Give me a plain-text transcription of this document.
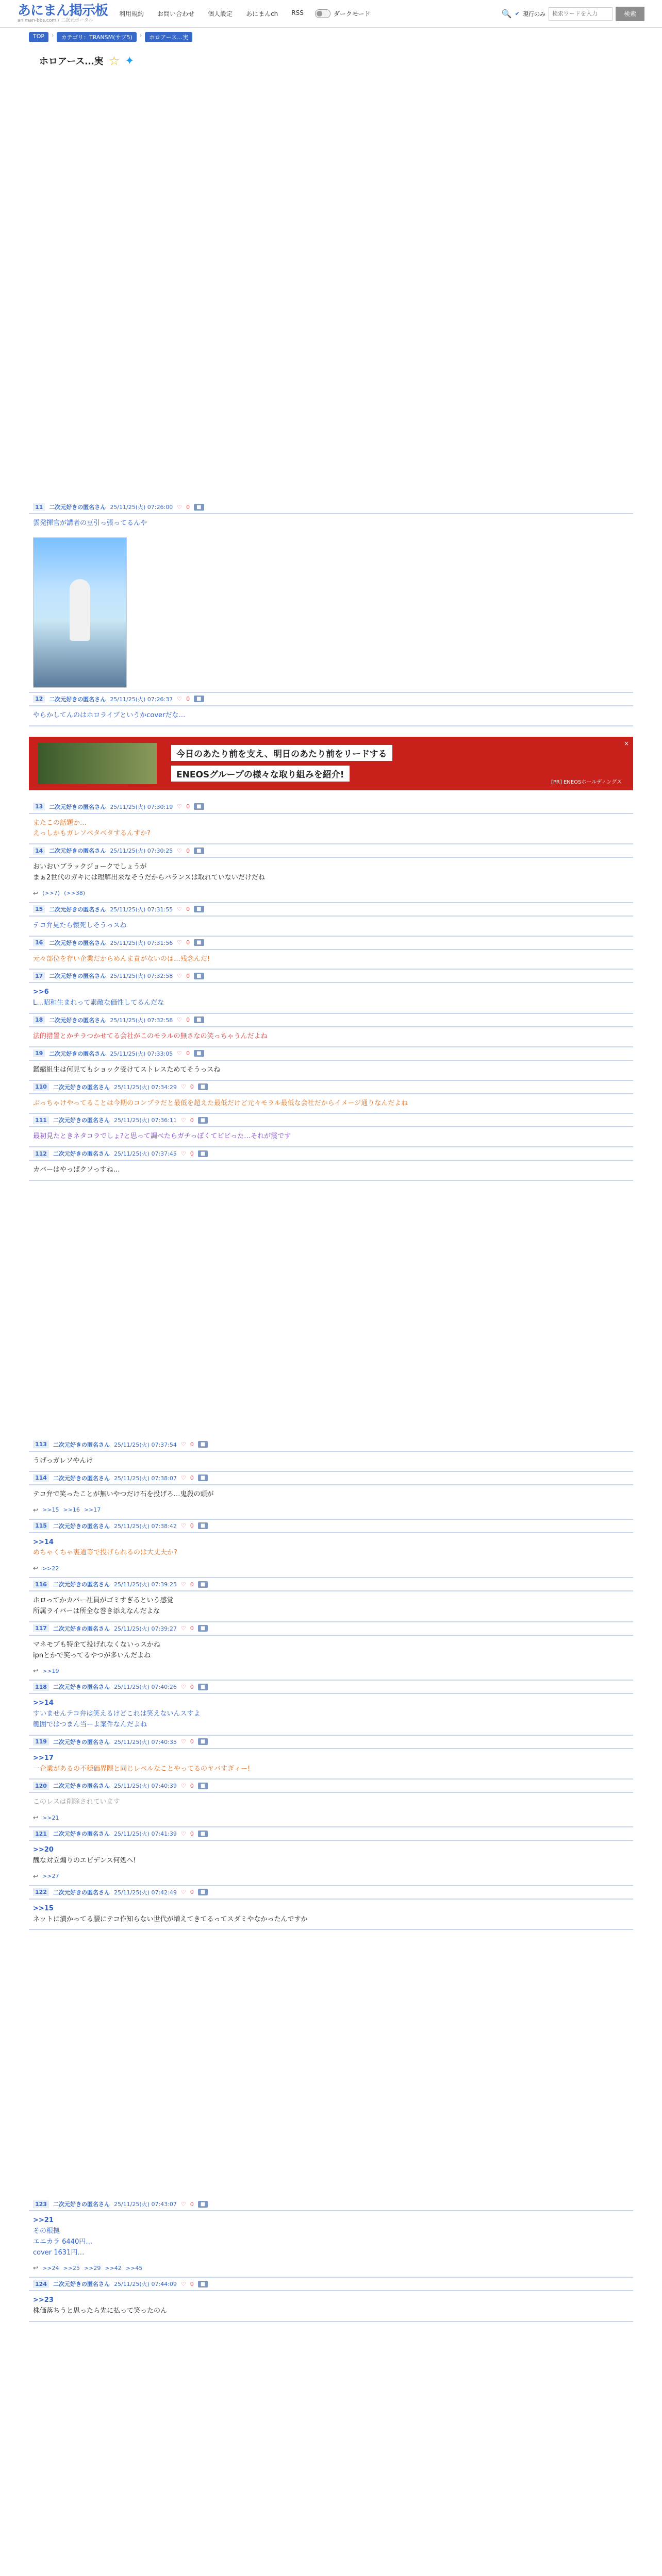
あにまん掲示板
animan-bbs.com / 二次元ポータル
利用規約 お問い合わせ 個人設定 あにまんch RSS	ダークモード	🔍 ✔ 現行のみ
検索ワードを入力	検索
TOP	›	カテゴリ：TRANSM(サブ5)	›	ホロアース…実
ホロアース…実 ☆ ✦
11	二次元好きの匿名さん 25/11/25(火) 07:26:00 ♡ 0	■
雲発揮官が講者の豆引っ張ってるんや
12	二次元好きの匿名さん 25/11/25(火) 07:26:37 ♡ 0	■
やらかしてんのはホロライブというかcoverだな…
今日のあたり前を支え、明日のあたり前をリードする
ENEOSグループの様々な取り組みを紹介!
[PR] ENEOSホールディングス
×
13	二次元好きの匿名さん 25/11/25(火) 07:30:19 ♡ 0	■
またこの話題か…
えっしかもガレソベタベタするんすか?
14	二次元好きの匿名さん 25/11/25(火) 07:30:25 ♡ 0	■
おいおいブラックジョークでしょうが
まぁ2世代のガキには理解出来なそうだからバランスは取れていないだけだね
↩ (>>7) (>>38)
15	二次元好きの匿名さん 25/11/25(火) 07:31:55 ♡ 0	■
テコ弁見たら懐死しそうっスね
16	二次元好きの匿名さん 25/11/25(火) 07:31:56 ♡ 0	■
元々部位を存い企業だからめんま責がないのは…残念んだ!
17	二次元好きの匿名さん 25/11/25(火) 07:32:58 ♡ 0	■
>>6
L…昭和生まれって素敵な価性してるんだな
18	二次元好きの匿名さん 25/11/25(火) 07:32:58 ♡ 0	■
法的措置とかチラつかせてる会社がこのモラルの無さなの笑っちゃうんだよね
19	二次元好きの匿名さん 25/11/25(火) 07:33:05 ♡ 0	■
鑑縮組生は何見てもショック受けてストレスためてそうっスね
110	二次元好きの匿名さん 25/11/25(火) 07:34:29 ♡ 0	■
ぶっちゃけやってることは今期のコンプラだと最低を超えた最低だけど元々モラル最低な会社だからイメージ通りなんだよね
111	二次元好きの匿名さん 25/11/25(火) 07:36:11 ♡ 0	■
最初見たときネタコラでしょ?と思って調べたらガチっぽくてビビった…それが震です
112	二次元好きの匿名さん 25/11/25(火) 07:37:45 ♡ 0	■
カバーはやっぱクソっすね…
113	二次元好きの匿名さん 25/11/25(火) 07:37:54 ♡ 0	■
うげっガレソやんけ
114	二次元好きの匿名さん 25/11/25(火) 07:38:07 ♡ 0	■
テコ弁で笑ったことが無いやつだけ石を投げろ…鬼殺の頭が
↩ >>15 >>16 >>17
115	二次元好きの匿名さん 25/11/25(火) 07:38:42 ♡ 0	■
>>14
めちゃくちゃ裏道等で投げられるのは大丈夫か?
↩ >>22
116	二次元好きの匿名さん 25/11/25(火) 07:39:25 ♡ 0	■
ホロってかカバー社員がゴミすぎるという感覚
所属ライバーは所全な巻き添えなんだよな
117	二次元好きの匿名さん 25/11/25(火) 07:39:27 ♡ 0	■
マネモブも特企て投げれなくないっスかね
ipnとかで笑ってるやつが多いんだよね
↩ >>19
118	二次元好きの匿名さん 25/11/25(火) 07:40:26 ♡ 0	■
>>14
すいませんテコ弁は笑えるけどこれは笑えないんスすよ
範囲ではつまん当ーよ案件なんだよね
119	二次元好きの匿名さん 25/11/25(火) 07:40:35 ♡ 0	■
>>17
一企業があるの不穏価界隈と同じレベルなことやってるのヤバすぎィー!
120	二次元好きの匿名さん 25/11/25(火) 07:40:39 ♡ 0	■
このレスは削除されています
↩ >>21
121	二次元好きの匿名さん 25/11/25(火) 07:41:39 ♡ 0	■
>>20
醜な対立煽りのエビデンス何処へ!
↩ >>27
122	二次元好きの匿名さん 25/11/25(火) 07:42:49 ♡ 0	■
>>15
ネットに漬かってる腰にテコ作知らない世代が増えてきてるってスダミやなかったんですか
123	二次元好きの匿名さん 25/11/25(火) 07:43:07 ♡ 0	■
>>21
その根拠
エニカラ 6440円…
cover 1631円…
↩ >>24 >>25 >>29 >>42 >>45
124	二次元好きの匿名さん 25/11/25(火) 07:44:09 ♡ 0	■
>>23
株価落ちうと思ったら先に払って笑ったのん
